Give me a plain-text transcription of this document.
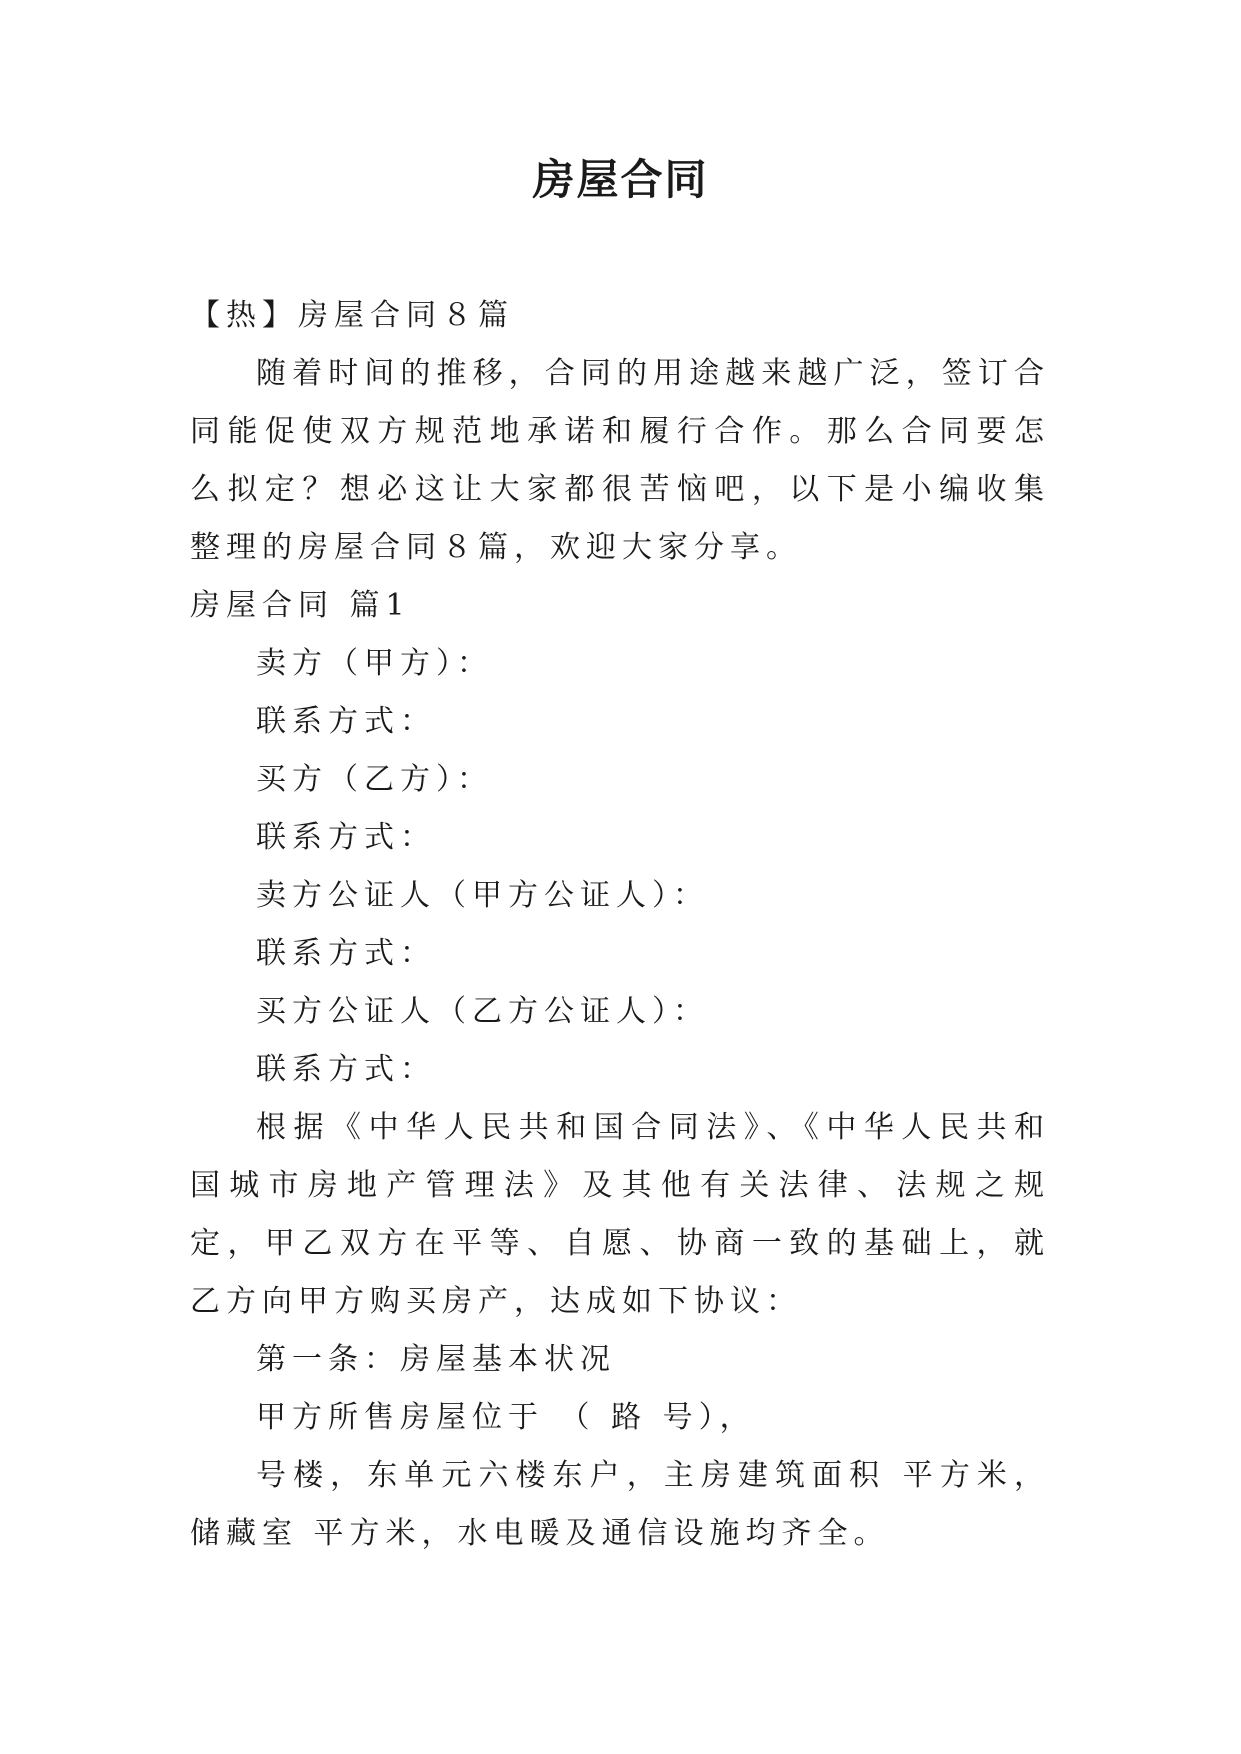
房屋合同

【热】房屋合同８篇

随着时间的推移，合同的用途越来越广泛，签订合同能促使双方规范地承诺和履行合作。那么合同要怎么拟定？想必这让大家都很苦恼吧，以下是小编收集整理的房屋合同８篇，欢迎大家分享。

房屋合同 篇1

卖方（甲方）：

联系方式：

买方（乙方）：

联系方式：

卖方公证人（甲方公证人）：

联系方式：

买方公证人（乙方公证人）：

联系方式：

根据《中华人民共和国合同法》、《中华人民共和国城市房地产管理法》及其他有关法律、法规之规定，甲乙双方在平等、自愿、协商一致的基础上，就乙方向甲方购买房产，达成如下协议：

第一条：房屋基本状况

甲方所售房屋位于 （ 路 号），

号楼，东单元六楼东户，主房建筑面积 平方米，储藏室 平方米，水电暖及通信设施均齐全。
